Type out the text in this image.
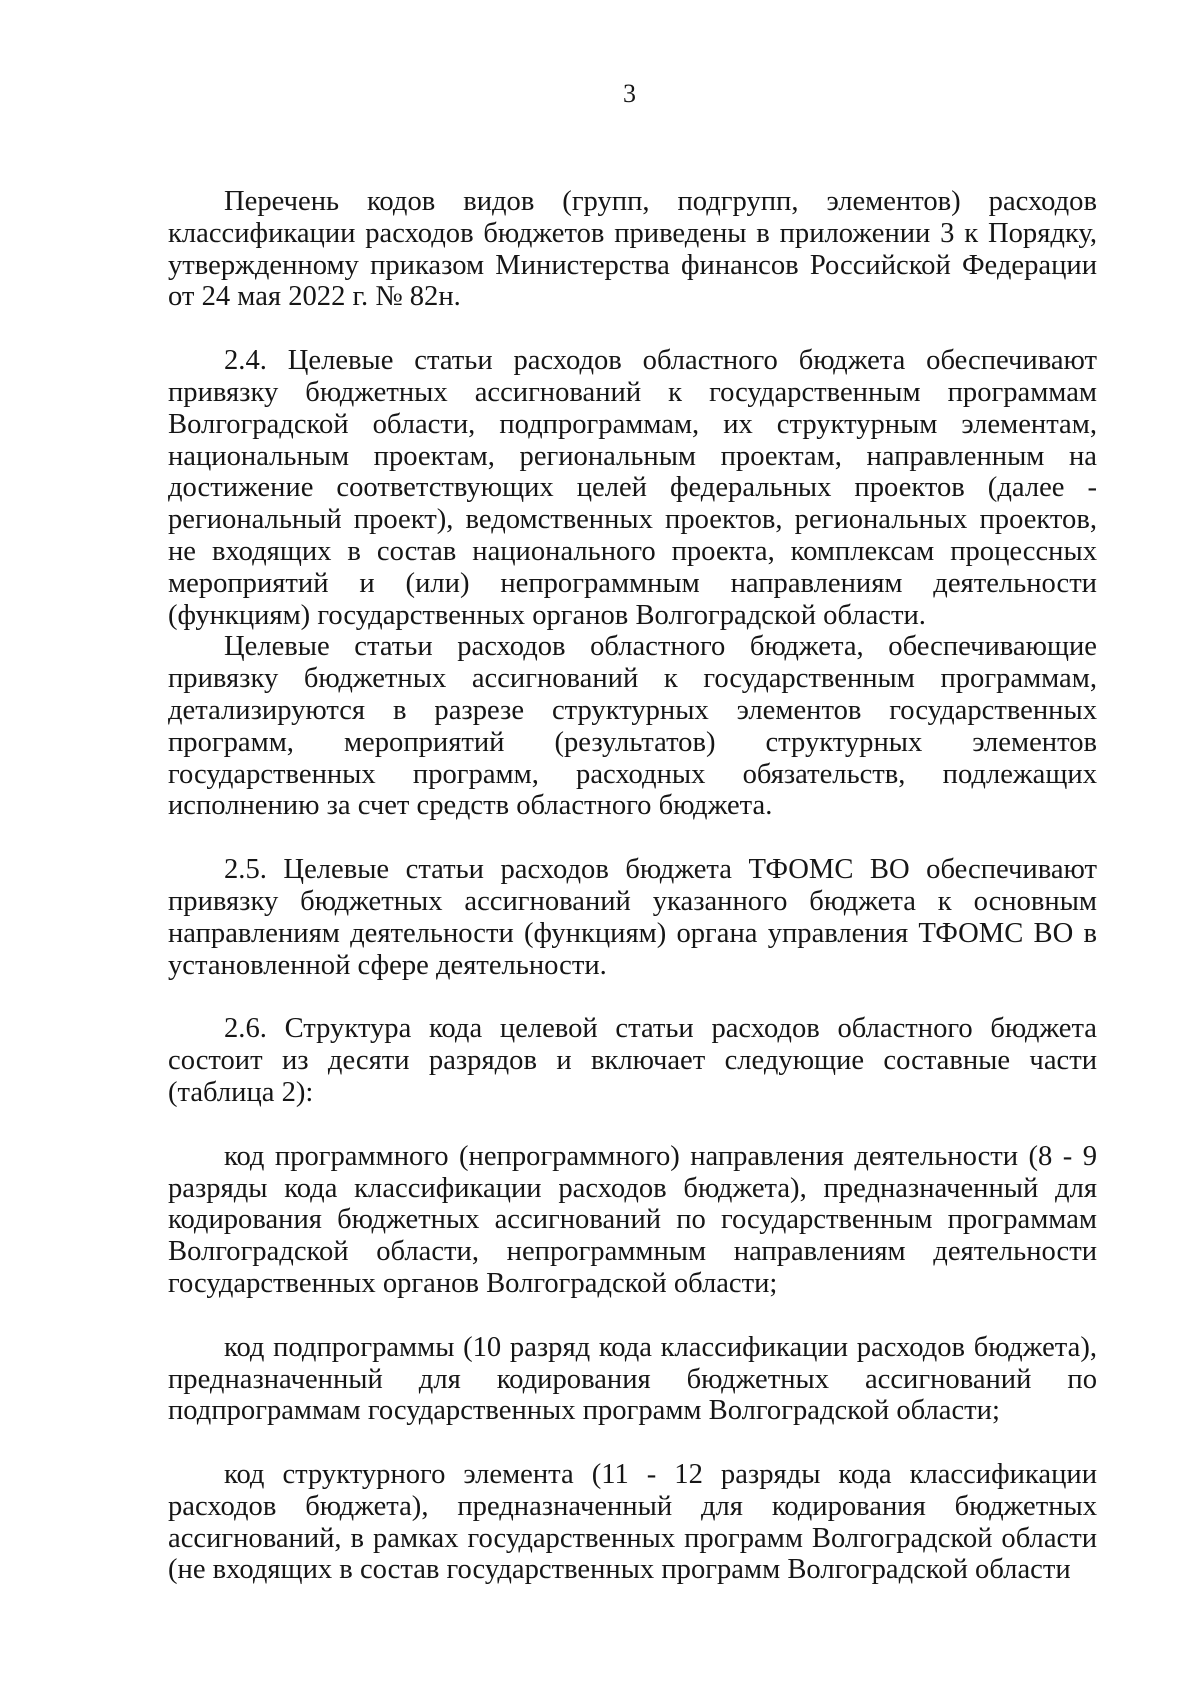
3

Перечень кодов видов (групп, подгрупп, элементов) расходов классификации расходов бюджетов приведены в приложении 3 к Порядку, утвержденному приказом Министерства финансов Российской Федерации от 24 мая 2022 г. № 82н.

2.4. Целевые статьи расходов областного бюджета обеспечивают привязку бюджетных ассигнований к государственным программам Волгоградской области, подпрограммам, их структурным элементам, национальным проектам, региональным проектам, направленным на достижение соответствующих целей федеральных проектов (далее - региональный проект), ведомственных проектов, региональных проектов, не входящих в состав национального проекта, комплексам процессных мероприятий и (или) непрограммным направлениям деятельности (функциям) государственных органов Волгоградской области.

Целевые статьи расходов областного бюджета, обеспечивающие привязку бюджетных ассигнований к государственным программам, детализируются в разрезе структурных элементов государственных программ, мероприятий (результатов) структурных элементов государственных программ, расходных обязательств, подлежащих исполнению за счет средств областного бюджета.

2.5. Целевые статьи расходов бюджета ТФОМС ВО обеспечивают привязку бюджетных ассигнований указанного бюджета к основным направлениям деятельности (функциям) органа управления ТФОМС ВО в установленной сфере деятельности.

2.6. Структура кода целевой статьи расходов областного бюджета состоит из десяти разрядов и включает следующие составные части (таблица 2):

код программного (непрограммного) направления деятельности (8 - 9 разряды кода классификации расходов бюджета), предназначенный для кодирования бюджетных ассигнований по государственным программам Волгоградской области, непрограммным направлениям деятельности государственных органов Волгоградской области;

код подпрограммы (10 разряд кода классификации расходов бюджета), предназначенный для кодирования бюджетных ассигнований по подпрограммам государственных программ Волгоградской области;

код структурного элемента (11 - 12 разряды кода классификации расходов бюджета), предназначенный для кодирования бюджетных ассигнований, в рамках государственных программ Волгоградской области (не входящих в состав государственных программ Волгоградской области
